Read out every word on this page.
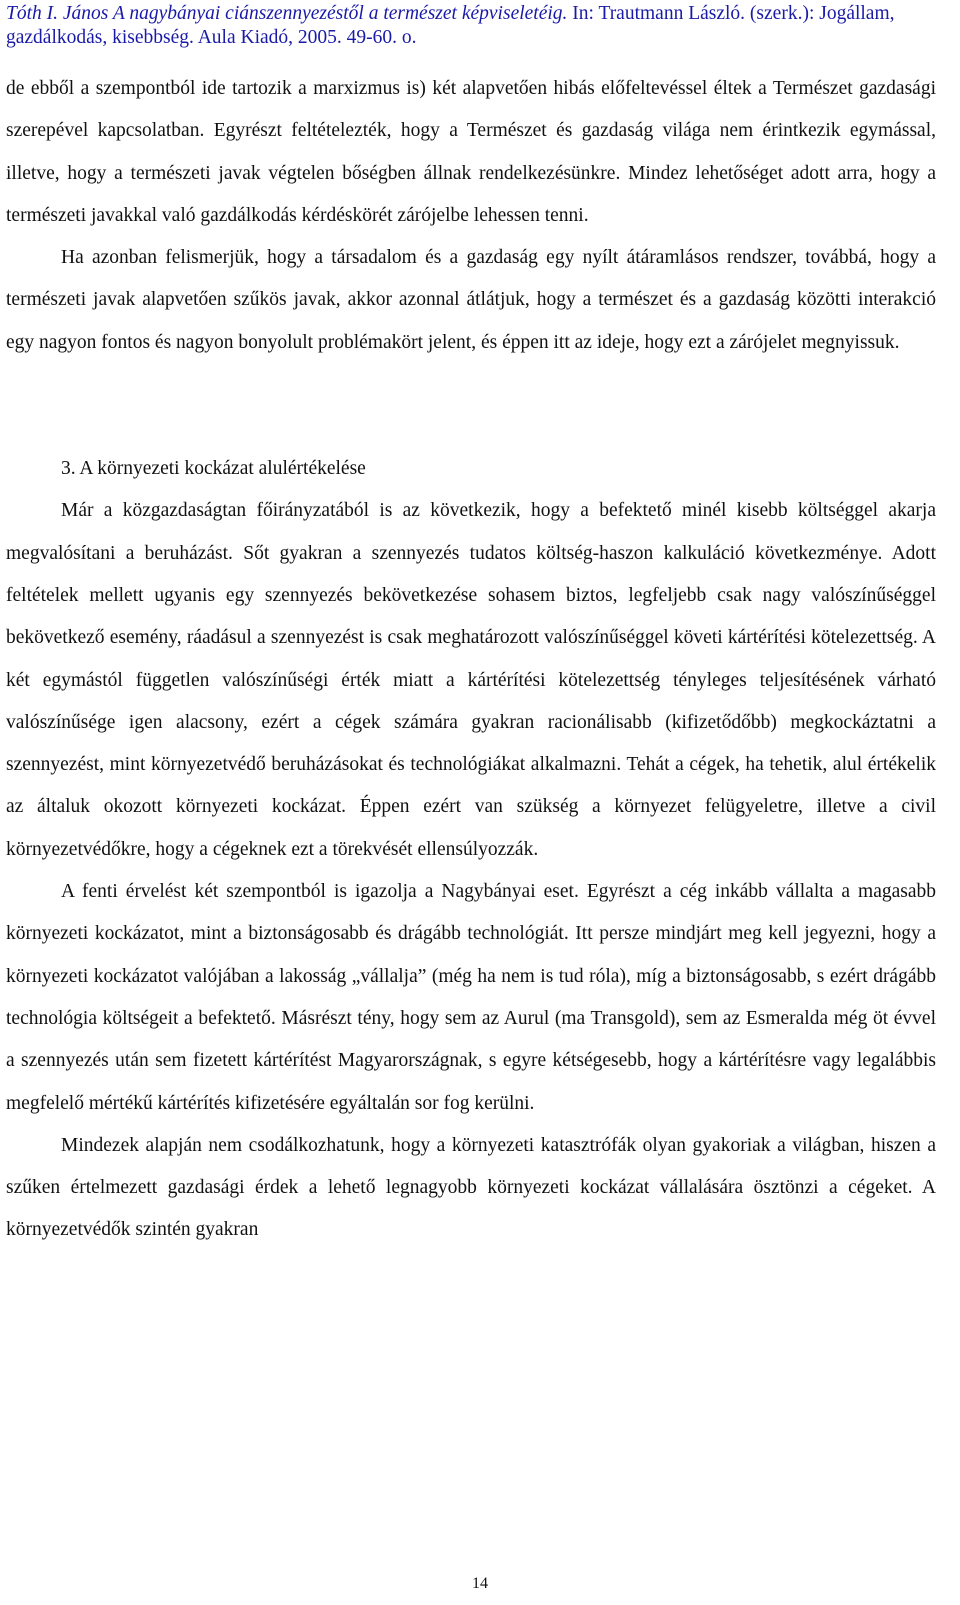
Tóth I. János A nagybányai ciánszennyezéstől a természet képviseletéig. In: Trautmann László. (szerk.): Jogállam, gazdálkodás, kisebbség. Aula Kiadó, 2005. 49-60. o.

de ebből a szempontból ide tartozik a marxizmus is) két alapvetően hibás előfeltevéssel éltek a Természet gazdasági szerepével kapcsolatban. Egyrészt feltételezték, hogy a Természet és gazdaság világa nem érintkezik egymással, illetve, hogy a természeti javak végtelen bőségben állnak rendelkezésünkre. Mindez lehetőséget adott arra, hogy a természeti javakkal való gazdálkodás kérdéskörét zárójelbe lehessen tenni.

Ha azonban felismerjük, hogy a társadalom és a gazdaság egy nyílt átáramlásos rendszer, továbbá, hogy a természeti javak alapvetően szűkös javak, akkor azonnal átlátjuk, hogy a természet és a gazdaság közötti interakció egy nagyon fontos és nagyon bonyolult problémakört jelent, és éppen itt az ideje, hogy ezt a zárójelet megnyissuk.

3. A környezeti kockázat alulértékelése

Már a közgazdaságtan főirányzatából is az következik, hogy a befektető minél kisebb költséggel akarja megvalósítani a beruházást. Sőt gyakran a szennyezés tudatos költség-haszon kalkuláció következménye. Adott feltételek mellett ugyanis egy szennyezés bekövetkezése sohasem biztos, legfeljebb csak nagy valószínűséggel bekövetkező esemény, ráadásul a szennyezést is csak meghatározott valószínűséggel követi kártérítési kötelezettség. A két egymástól független valószínűségi érték miatt a kártérítési kötelezettség tényleges teljesítésének várható valószínűsége igen alacsony, ezért a cégek számára gyakran racionálisabb (kifizetődőbb) megkockáztatni a szennyezést, mint környezetvédő beruházásokat és technológiákat alkalmazni. Tehát a cégek, ha tehetik, alul értékelik az általuk okozott környezeti kockázat. Éppen ezért van szükség a környezet felügyeletre, illetve a civil környezetvédőkre, hogy a cégeknek ezt a törekvését ellensúlyozzák.

A fenti érvelést két szempontból is igazolja a Nagybányai eset. Egyrészt a cég inkább vállalta a magasabb környezeti kockázatot, mint a biztonságosabb és drágább technológiát. Itt persze mindjárt meg kell jegyezni, hogy a környezeti kockázatot valójában a lakosság „vállalja” (még ha nem is tud róla), míg a biztonságosabb, s ezért drágább technológia költségeit a befektető. Másrészt tény, hogy sem az Aurul (ma Transgold), sem az Esmeralda még öt évvel a szennyezés után sem fizetett kártérítést Magyarországnak, s egyre kétségesebb, hogy a kártérítésre vagy legalábbis megfelelő mértékű kártérítés kifizetésére egyáltalán sor fog kerülni.

Mindezek alapján nem csodálkozhatunk, hogy a környezeti katasztrófák olyan gyakoriak a világban, hiszen a szűken értelmezett gazdasági érdek a lehető legnagyobb környezeti kockázat vállalására ösztönzi a cégeket. A környezetvédők szintén gyakran

14
